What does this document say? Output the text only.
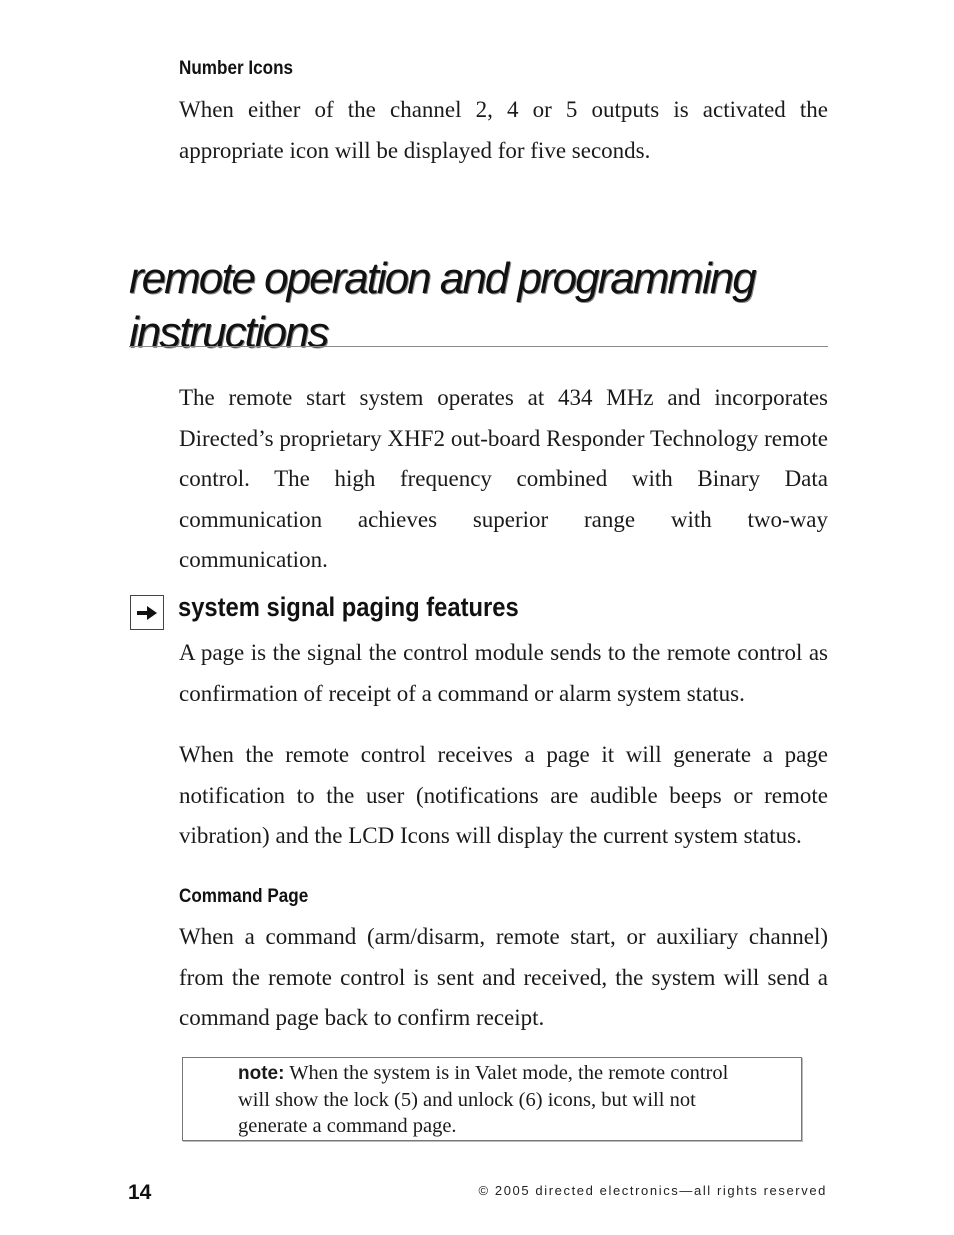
Number Icons

When either of the channel 2, 4 or 5 outputs is activated the appropriate icon will be displayed for five seconds.

remote operation and programming
instructions

The remote start system operates at 434 MHz and incorporates Directed’s proprietary XHF2 out-board Responder Technology remote control. The high frequency combined with Binary Data communication achieves superior range with two-way communication.

system signal paging features

A page is the signal the control module sends to the remote control as confirmation of receipt of a command or alarm system status.

When the remote control receives a page it will generate a page notification to the user (notifications are audible beeps or remote vibration) and the LCD Icons will display the current system status.

Command Page

When a command (arm/disarm, remote start, or auxiliary channel) from the remote control is sent and received, the system will send a command page back to confirm receipt.

note: When the system is in Valet mode, the remote control will show the lock (5) and unlock (6) icons, but will not generate a command page.

14	© 2005 directed electronics—all rights reserved
